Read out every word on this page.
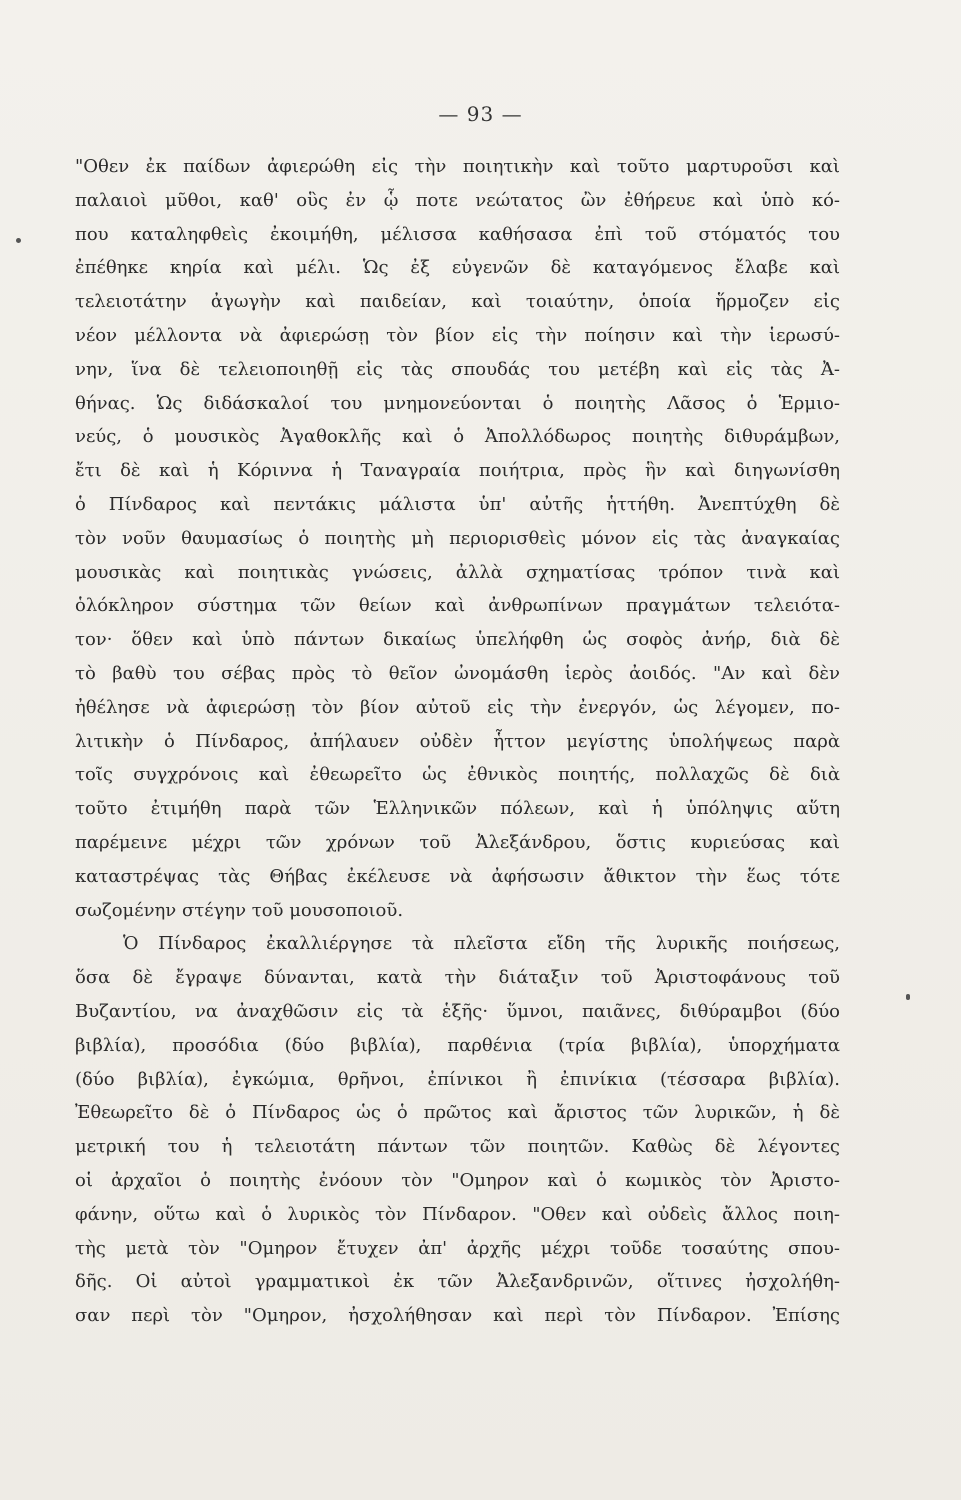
— 93 —
"Οθεν ἐκ παίδων ἀφιερώθη εἰς τὴν ποιητικὴν καὶ τοῦτο μαρτυροῦσι καὶ
παλαιοὶ μῦθοι, καθ' οὓς ἐν ᾧ ποτε νεώτατος ὢν ἐθήρευε καὶ ὑπὸ κό-
που καταληφθεὶς ἐκοιμήθη, μέλισσα καθήσασα ἐπὶ τοῦ στόματός του
ἐπέθηκε κηρία καὶ μέλι. Ὡς ἐξ εὐγενῶν δὲ καταγόμενος ἔλαβε καὶ
τελειοτάτην ἀγωγὴν καὶ παιδείαν, καὶ τοιαύτην, ὁποία ἥρμοζεν εἰς
νέον μέλλοντα νὰ ἀφιερώσῃ τὸν βίον εἰς τὴν ποίησιν καὶ τὴν ἱερωσύ-
νην, ἵνα δὲ τελειοποιηθῇ εἰς τὰς σπουδάς του μετέβη καὶ εἰς τὰς Ἀ-
θήνας. Ὡς διδάσκαλοί του μνημονεύονται ὁ ποιητὴς Λᾶσος ὁ Ἑρμιο-
νεύς, ὁ μουσικὸς Ἀγαθοκλῆς καὶ ὁ Ἀπολλόδωρος ποιητὴς διθυράμβων,
ἔτι δὲ καὶ ἡ Κόριννα ἡ Ταναγραία ποιήτρια, πρὸς ἣν καὶ διηγωνίσθη
ὁ Πίνδαρος καὶ πεντάκις μάλιστα ὑπ' αὐτῆς ἡττήθη. Ἀνεπτύχθη δὲ
τὸν νοῦν θαυμασίως ὁ ποιητὴς μὴ περιορισθεὶς μόνον εἰς τὰς ἀναγκαίας
μουσικὰς καὶ ποιητικὰς γνώσεις, ἀλλὰ σχηματίσας τρόπον τινὰ καὶ
ὁλόκληρον σύστημα τῶν θείων καὶ ἀνθρωπίνων πραγμάτων τελειότα-
τον· ὅθεν καὶ ὑπὸ πάντων δικαίως ὑπελήφθη ὡς σοφὸς ἀνήρ, διὰ δὲ
τὸ βαθὺ του σέβας πρὸς τὸ θεῖον ὠνομάσθη ἱερὸς ἀοιδός. "Αν καὶ δὲν
ἠθέλησε νὰ ἀφιερώσῃ τὸν βίον αὐτοῦ εἰς τὴν ἐνεργόν, ὡς λέγομεν, πο-
λιτικὴν ὁ Πίνδαρος, ἀπήλαυεν οὐδὲν ἧττον μεγίστης ὑπολήψεως παρὰ
τοῖς συγχρόνοις καὶ ἐθεωρεῖτο ὡς ἐθνικὸς ποιητής, πολλαχῶς δὲ διὰ
τοῦτο ἐτιμήθη παρὰ τῶν Ἑλληνικῶν πόλεων, καὶ ἡ ὑπόληψις αὕτη
παρέμεινε μέχρι τῶν χρόνων τοῦ Ἀλεξάνδρου, ὅστις κυριεύσας καὶ
καταστρέψας τὰς Θήβας ἐκέλευσε νὰ ἀφήσωσιν ἄθικτον τὴν ἕως τότε
σωζομένην στέγην τοῦ μουσοποιοῦ.
Ὁ Πίνδαρος ἐκαλλιέργησε τὰ πλεῖστα εἴδη τῆς λυρικῆς ποιήσεως,
ὅσα δὲ ἔγραψε δύνανται, κατὰ τὴν διάταξιν τοῦ Ἀριστοφάνους τοῦ
Βυζαντίου, να ἀναχθῶσιν εἰς τὰ ἑξῆς· ὕμνοι, παιᾶνες, διθύραμβοι (δύο
βιβλία), προσόδια (δύο βιβλία), παρθένια (τρία βιβλία), ὑπορχήματα
(δύο βιβλία), ἐγκώμια, θρῆνοι, ἐπίνικοι ἢ ἐπινίκια (τέσσαρα βιβλία).
Ἐθεωρεῖτο δὲ ὁ Πίνδαρος ὡς ὁ πρῶτος καὶ ἄριστος τῶν λυρικῶν, ἡ δὲ
μετρική του ἡ τελειοτάτη πάντων τῶν ποιητῶν. Καθὼς δὲ λέγοντες
οἱ ἀρχαῖοι ὁ ποιητὴς ἐνόουν τὸν "Ομηρον καὶ ὁ κωμικὸς τὸν Ἀριστο-
φάνην, οὕτω καὶ ὁ λυρικὸς τὸν Πίνδαρον. "Οθεν καὶ οὐδεὶς ἄλλος ποιη-
τὴς μετὰ τὸν "Ομηρον ἔτυχεν ἀπ' ἀρχῆς μέχρι τοῦδε τοσαύτης σπου-
δῆς. Οἱ αὐτοὶ γραμματικοὶ ἐκ τῶν Ἀλεξανδρινῶν, οἵτινες ἠσχολήθη-
σαν περὶ τὸν "Ομηρον, ἠσχολήθησαν καὶ περὶ τὸν Πίνδαρον. Ἐπίσης
